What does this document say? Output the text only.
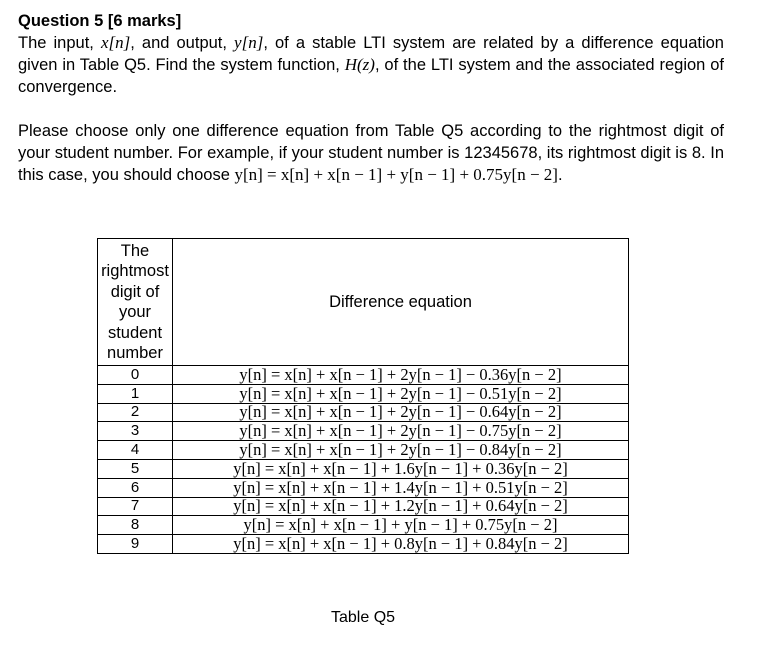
Question 5 [6 marks]

The input, x[n], and output, y[n], of a stable LTI system are related by a difference equation given in Table Q5. Find the system function, H(z), of the LTI system and the associated region of convergence.

Please choose only one difference equation from Table Q5 according to the rightmost digit of your student number. For example, if your student number is 12345678, its rightmost digit is 8. In this case, you should choose y[n] = x[n] + x[n − 1] + y[n − 1] + 0.75y[n − 2].

The rightmost digit of your student number	Difference equation
0	y[n] = x[n] + x[n − 1] + 2y[n − 1] − 0.36y[n − 2]
1	y[n] = x[n] + x[n − 1] + 2y[n − 1] − 0.51y[n − 2]
2	y[n] = x[n] + x[n − 1] + 2y[n − 1] − 0.64y[n − 2]
3	y[n] = x[n] + x[n − 1] + 2y[n − 1] − 0.75y[n − 2]
4	y[n] = x[n] + x[n − 1] + 2y[n − 1] − 0.84y[n − 2]
5	y[n] = x[n] + x[n − 1] + 1.6y[n − 1] + 0.36y[n − 2]
6	y[n] = x[n] + x[n − 1] + 1.4y[n − 1] + 0.51y[n − 2]
7	y[n] = x[n] + x[n − 1] + 1.2y[n − 1] + 0.64y[n − 2]
8	y[n] = x[n] + x[n − 1] + y[n − 1] + 0.75y[n − 2]
9	y[n] = x[n] + x[n − 1] + 0.8y[n − 1] + 0.84y[n − 2]
Table Q5
